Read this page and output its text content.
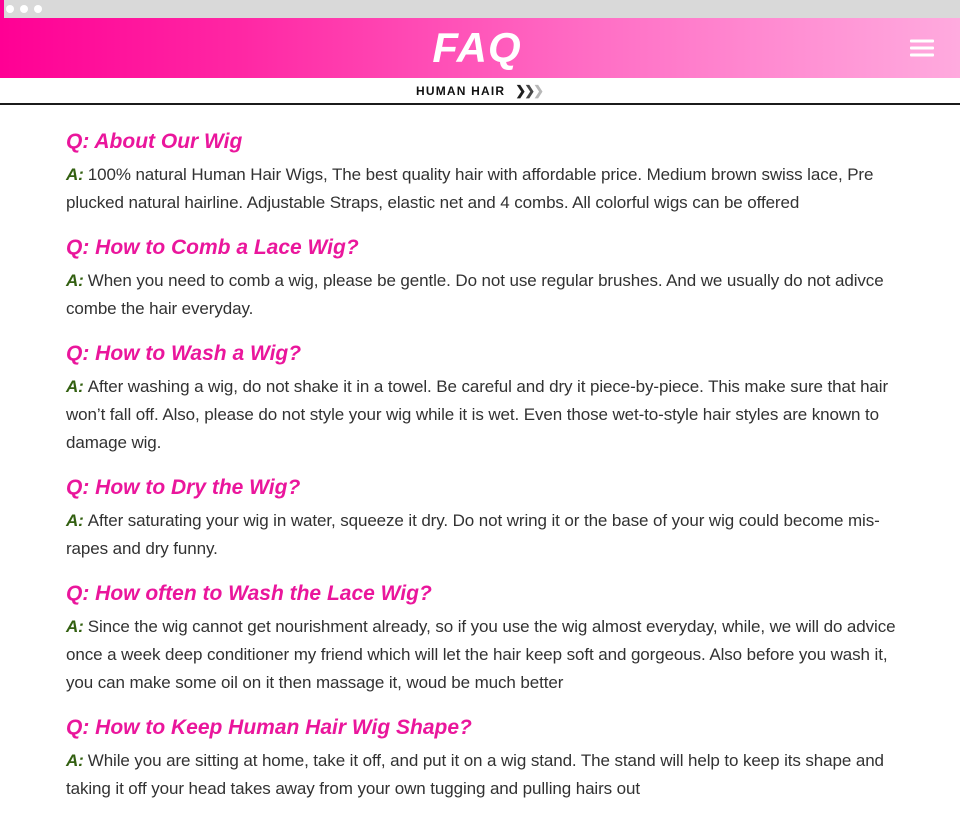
FAQ
HUMAN HAIR ❯
❯
❯
Q: About Our Wig

A: 100% natural Human Hair Wigs, The best quality hair with affordable price. Medium brown swiss lace, Pre plucked natural hairline. Adjustable Straps, elastic net and 4 combs. All colorful wigs can be offered

Q: How to Comb a Lace Wig?

A: When you need to comb a wig, please be gentle. Do not use regular brushes. And we usually do not adivce combe the hair everyday.

Q: How to Wash a Wig?

A: After washing a wig, do not shake it in a towel. Be careful and dry it piece-by-piece. This make sure that hair won’t fall off. Also, please do not style your wig while it is wet. Even those wet-to-style hair styles are known to damage wig.

Q: How to Dry the Wig?

A: After saturating your wig in water, squeeze it dry. Do not wring it or the base of your wig could become mis-rapes and dry funny.

Q: How often to Wash the Lace Wig?

A: Since the wig cannot get nourishment already, so if you use the wig almost everyday, while, we will do advice once a week deep conditioner my friend which will let the hair keep soft and gorgeous. Also before you wash it, you can make some oil on it then massage it, woud be much better

Q: How to Keep Human Hair Wig Shape?

A: While you are sitting at home, take it off, and put it on a wig stand. The stand will help to keep its shape and taking it off your head takes away from your own tugging and pulling hairs out
